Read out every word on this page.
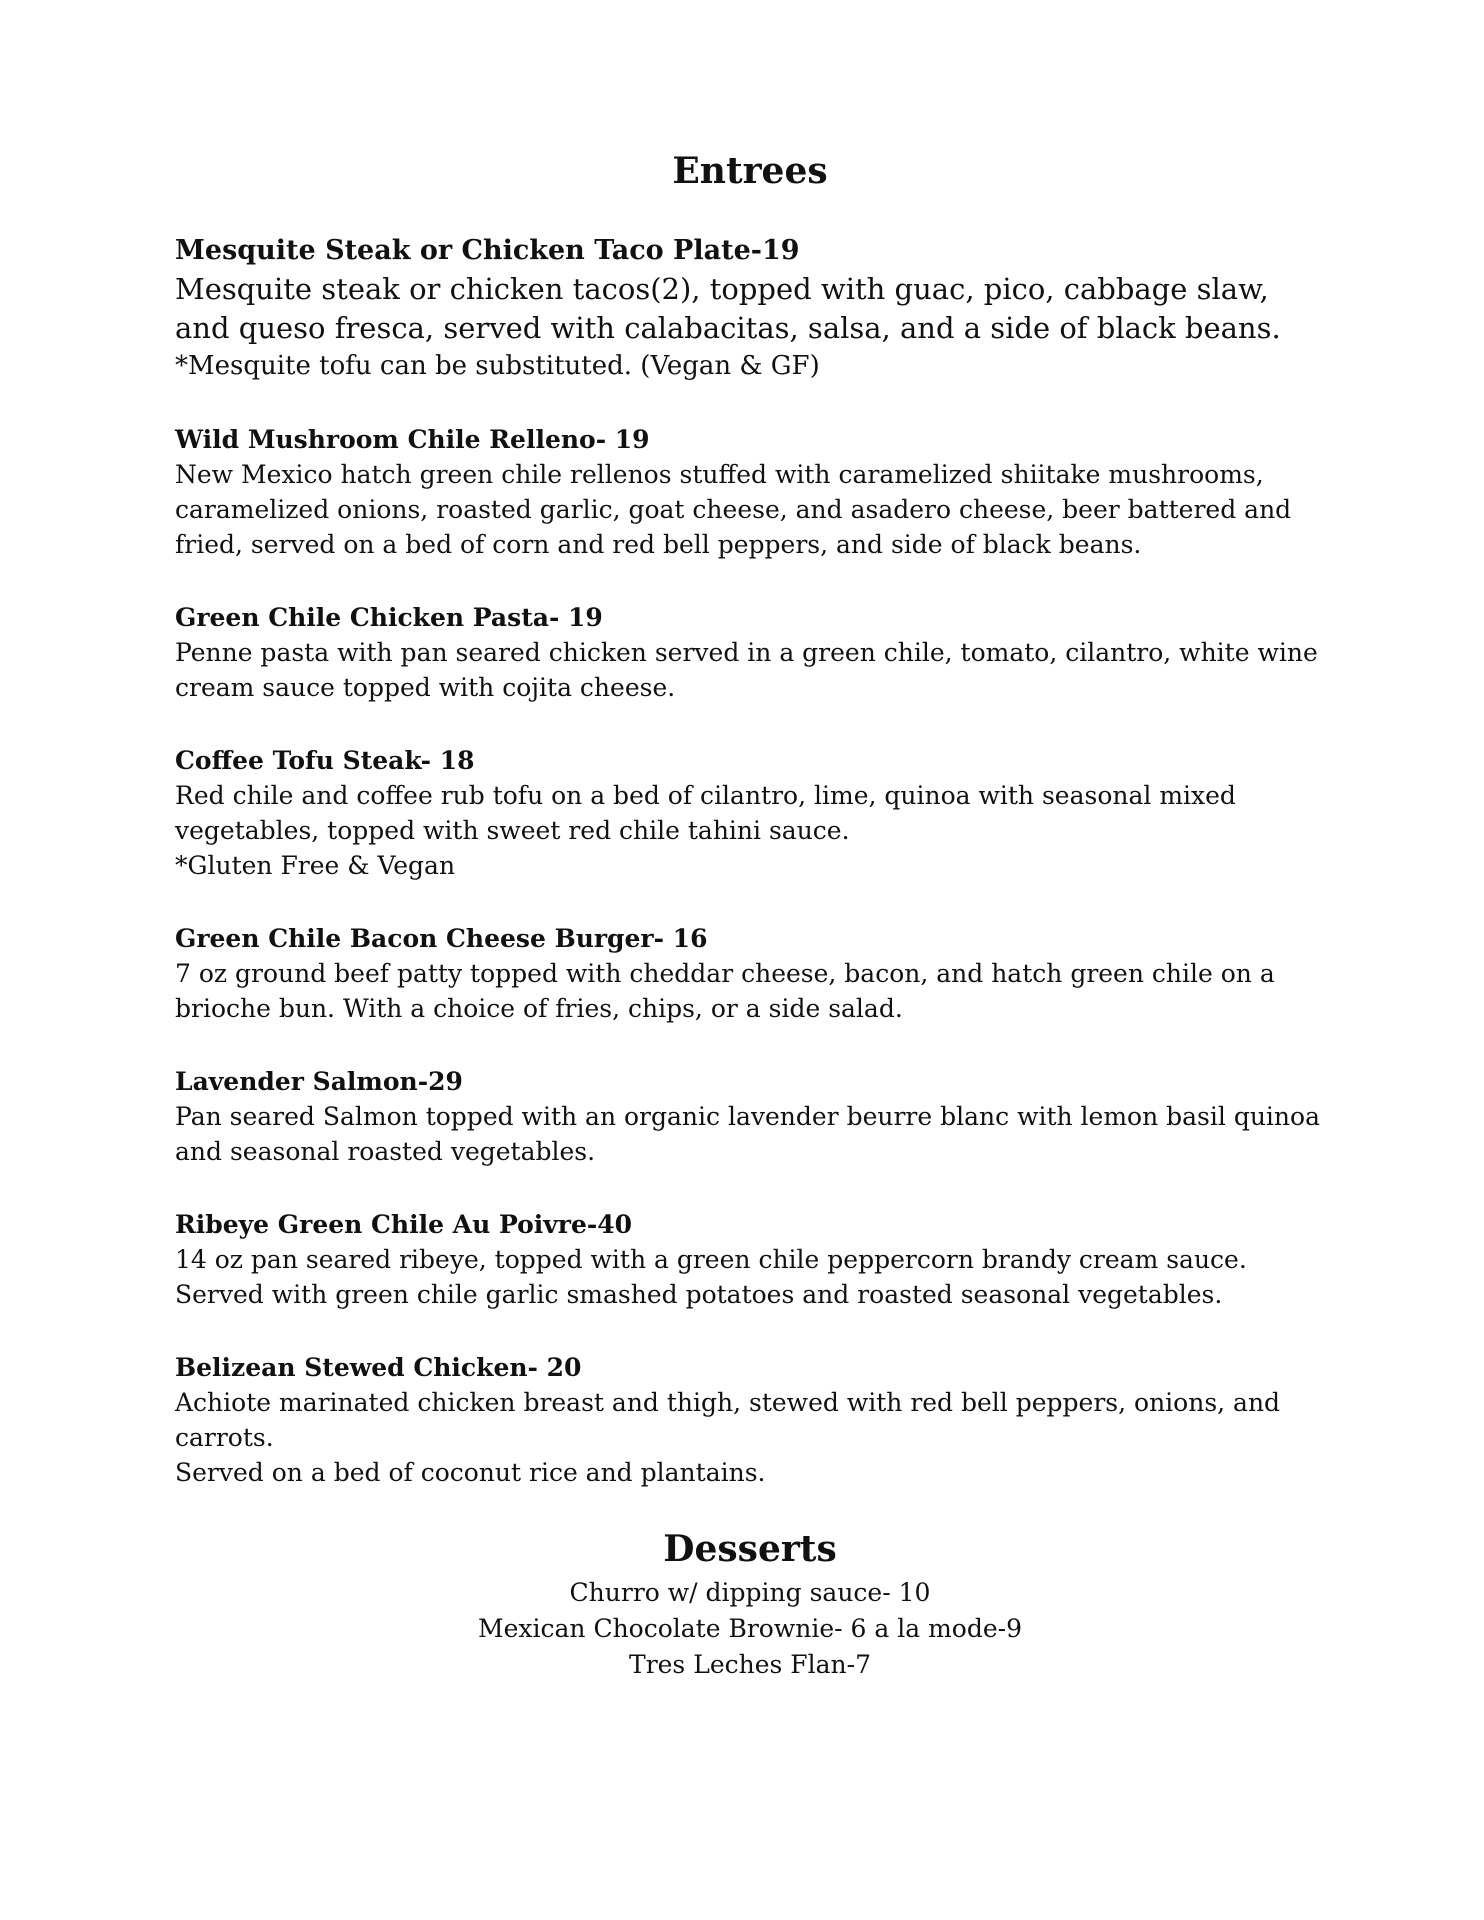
Entrees
Mesquite Steak or Chicken Taco Plate-19
Mesquite steak or chicken tacos(2), topped with guac, pico, cabbage slaw, and queso fresca, served with calabacitas, salsa, and a side of black beans.
*Mesquite tofu can be substituted. (Vegan & GF)
Wild Mushroom Chile Relleno- 19
New Mexico hatch green chile rellenos stuffed with caramelized shiitake mushrooms, caramelized onions, roasted garlic, goat cheese, and asadero cheese, beer battered and fried, served on a bed of corn and red bell peppers, and side of black beans.
Green Chile Chicken Pasta- 19
Penne pasta with pan seared chicken served in a green chile, tomato, cilantro, white wine cream sauce topped with cojita cheese.
Coffee Tofu Steak- 18
Red chile and coffee rub tofu on a bed of cilantro, lime, quinoa with seasonal mixed vegetables, topped with sweet red chile tahini sauce.
*Gluten Free & Vegan
Green Chile Bacon Cheese Burger- 16
7 oz ground beef patty topped with cheddar cheese, bacon, and hatch green chile on a brioche bun. With a choice of fries, chips, or a side salad.
Lavender Salmon-29
Pan seared Salmon topped with an organic lavender beurre blanc with lemon basil quinoa and seasonal roasted vegetables.
Ribeye Green Chile Au Poivre-40
14 oz pan seared ribeye, topped with a green chile peppercorn brandy cream sauce.
Served with green chile garlic smashed potatoes and roasted seasonal vegetables.
Belizean Stewed Chicken- 20
Achiote marinated chicken breast and thigh, stewed with red bell peppers, onions, and carrots.
Served on a bed of coconut rice and plantains.
Desserts
Churro w/ dipping sauce- 10
Mexican Chocolate Brownie- 6 a la mode-9
Tres Leches Flan-7
